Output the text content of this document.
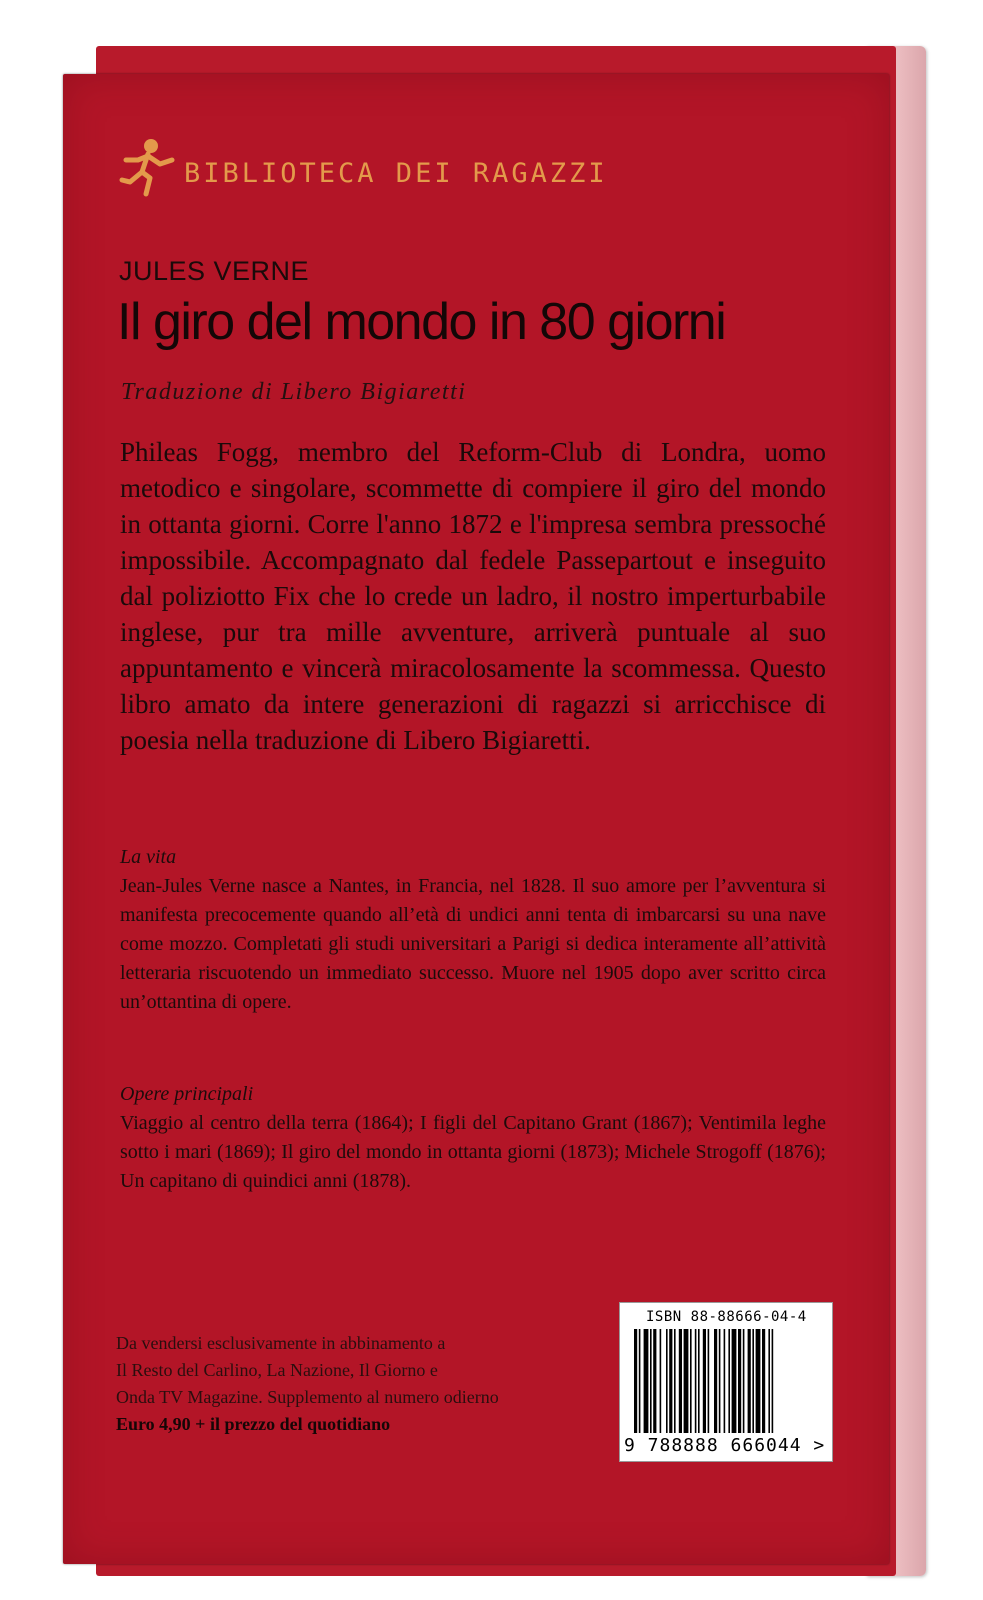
BIBLIOTECA DEI RAGAZZI
JULES VERNE
Il giro del mondo in 80 giorni
Traduzione di Libero Bigiaretti
Phileas Fogg, membro del Reform-Club di Londra, uomo metodico e singolare, scommette di compiere il giro del mondo in ottanta giorni. Corre l'anno 1872 e l'impresa sembra pressoché impossibile. Accompagnato dal fedele Passepartout e inseguito dal poliziotto Fix che lo crede un ladro, il nostro imperturbabile inglese, pur tra mille avventure, arriverà puntuale al suo appuntamento e vincerà miracolosamente la scommessa. Questo libro amato da intere generazioni di ragazzi si arricchisce di poesia nella traduzione di Libero Bigiaretti.
La vita
Jean-Jules Verne nasce a Nantes, in Francia, nel 1828. Il suo amore per l’avventura si manifesta precocemente quando all’età di undici anni tenta di imbarcarsi su una nave come mozzo. Completati gli studi universitari a Parigi si dedica interamente all’attività letteraria riscuotendo un immediato successo. Muore nel 1905 dopo aver scritto circa un’ottantina di opere.
Opere principali
Viaggio al centro della terra (1864); I figli del Capitano Grant (1867); Ventimila leghe sotto i mari (1869); Il giro del mondo in ottanta giorni (1873); Michele Strogoff (1876); Un capitano di quindici anni (1878).
Da vendersi esclusivamente in abbinamento a
Il Resto del Carlino, La Nazione, Il Giorno e
Onda TV Magazine. Supplemento al numero odierno
Euro 4,90 + il prezzo del quotidiano
ISBN 88-88666-04-4
9 788888 666044 >
